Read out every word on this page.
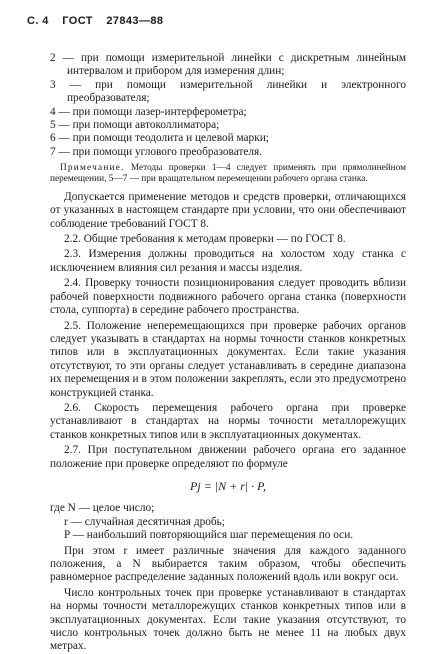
С. 4 ГОСТ 27843—88
2 — при помощи измерительной линейки с дискретным линейным интервалом и прибором для измерения длин;
3 — при помощи измерительной линейки и электронного преобразователя;
4 — при помощи лазер-интерферометра;
5 — при помощи автоколлиматора;
6 — при помощи теодолита и целевой марки;
7 — при помощи углового преобразователя.
Примечание. Методы проверки 1—4 следует применять при прямолинейном перемещении, 5—7 — при вращательном перемещении рабочего органа станка.
Допускается применение методов и средств проверки, отличающихся от указанных в настоящем стандарте при условии, что они обеспечивают соблюдение требований ГОСТ 8.
2.2. Общие требования к методам проверки — по ГОСТ 8.
2.3. Измерения должны проводиться на холостом ходу станка с исключением влияния сил резания и массы изделия.
2.4. Проверку точности позиционирования следует проводить вблизи рабочей поверхности подвижного рабочего органа станка (поверхности стола, суппорта) в середине рабочего пространства.
2.5. Положение неперемещающихся при проверке рабочих органов следует указывать в стандартах на нормы точности станков конкретных типов или в эксплуатационных документах. Если такие указания отсутствуют, то эти органы следует устанавливать в середине диапазона их перемещения и в этом положении закреплять, если это предусмотрено конструкцией станка.
2.6. Скорость перемещения рабочего органа при проверке устанавливают в стандартах на нормы точности металлорежущих станков конкретных типов или в эксплуатационных документах.
2.7. При поступательном движении рабочего органа его заданное положение при проверке определяют по формуле
Pj = |N + r| · P,
где N — целое число;
r — случайная десятичная дробь;
P — наибольший повторяющийся шаг перемещения по оси.
При этом r имеет различные значения для каждого заданного положения, а N выбирается таким образом, чтобы обеспечить равномерное распределение заданных положений вдоль или вокруг оси.
Число контрольных точек при проверке устанавливают в стандартах на нормы точности металлорежущих станков конкретных типов или в эксплуатационных документах. Если такие указания отсутствуют, то число контрольных точек должно быть не менее 11 на любых двух метрах.
